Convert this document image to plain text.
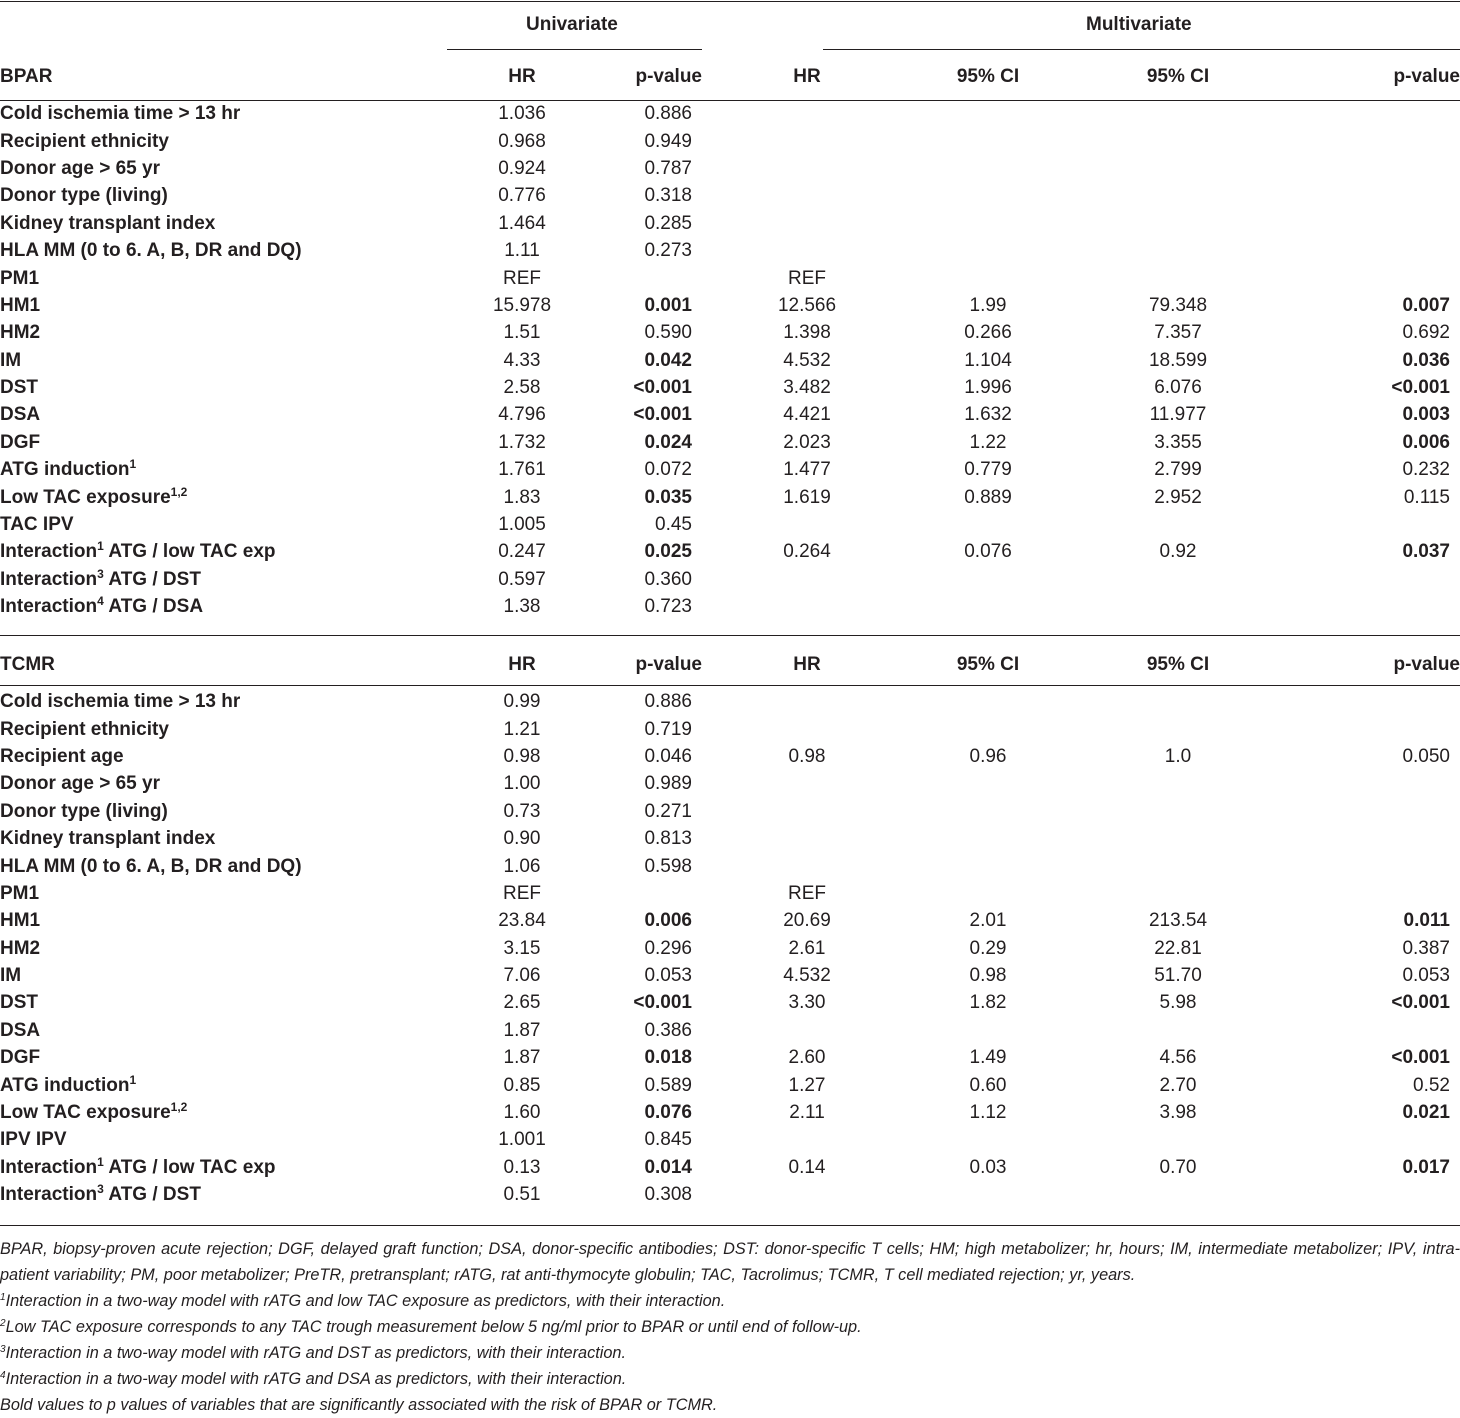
Univariate	Multivariate
BPAR	HR	p-value	HR	95% CI	95% CI	p-value
Cold ischemia time > 13 hr	1.036	0.886				
Recipient ethnicity	0.968	0.949				
Donor age > 65 yr	0.924	0.787				
Donor type (living)	0.776	0.318				
Kidney transplant index	1.464	0.285				
HLA MM (0 to 6. A, B, DR and DQ)	1.11	0.273				
PM1	REF		REF			
HM1	15.978	0.001	12.566	1.99	79.348	0.007
HM2	1.51	0.590	1.398	0.266	7.357	0.692
IM	4.33	0.042	4.532	1.104	18.599	0.036
DST	2.58	<0.001	3.482	1.996	6.076	<0.001
DSA	4.796	<0.001	4.421	1.632	11.977	0.003
DGF	1.732	0.024	2.023	1.22	3.355	0.006
ATG induction$^1$	1.761	0.072	1.477	0.779	2.799	0.232
Low TAC exposure$^{1,2}$	1.83	0.035	1.619	0.889	2.952	0.115
TAC IPV	1.005	0.45				
Interaction$^1$ ATG / low TAC exp	0.247	0.025	0.264	0.076	0.92	0.037
Interaction$^3$ ATG / DST	0.597	0.360				
Interaction$^4$ ATG / DSA	1.38	0.723				
TCMR	HR	p-value	HR	95% CI	95% CI	p-value
Cold ischemia time > 13 hr	0.99	0.886				
Recipient ethnicity	1.21	0.719				
Recipient age	0.98	0.046	0.98	0.96	1.0	0.050
Donor age > 65 yr	1.00	0.989				
Donor type (living)	0.73	0.271				
Kidney transplant index	0.90	0.813				
HLA MM (0 to 6. A, B, DR and DQ)	1.06	0.598				
PM1	REF		REF			
HM1	23.84	0.006	20.69	2.01	213.54	0.011
HM2	3.15	0.296	2.61	0.29	22.81	0.387
IM	7.06	0.053	4.532	0.98	51.70	0.053
DST	2.65	<0.001	3.30	1.82	5.98	<0.001
DSA	1.87	0.386				
DGF	1.87	0.018	2.60	1.49	4.56	<0.001
ATG induction$^1$	0.85	0.589	1.27	0.60	2.70	0.52
Low TAC exposure$^{1,2}$	1.60	0.076	2.11	1.12	3.98	0.021
IPV IPV	1.001	0.845				
Interaction$^1$ ATG / low TAC exp	0.13	0.014	0.14	0.03	0.70	0.017
Interaction$^3$ ATG / DST	0.51	0.308				

BPAR, biopsy-proven acute rejection; DGF, delayed graft function; DSA, donor-specific antibodies; DST: donor-specific T cells; HM; high metabolizer; hr, hours; IM, intermediate metabolizer; IPV, intra-patient variability; PM, poor metabolizer; PreTR, pretransplant; rATG, rat anti-thymocyte globulin; TAC, Tacrolimus; TCMR, T cell mediated rejection; yr, years.

$^1$Interaction in a two-way model with rATG and low TAC exposure as predictors, with their interaction.

$^2$Low TAC exposure corresponds to any TAC trough measurement below 5 ng/ml prior to BPAR or until end of follow-up.

$^3$Interaction in a two-way model with rATG and DST as predictors, with their interaction.

$^4$Interaction in a two-way model with rATG and DSA as predictors, with their interaction.

Bold values to p values of variables that are significantly associated with the risk of BPAR or TCMR.
